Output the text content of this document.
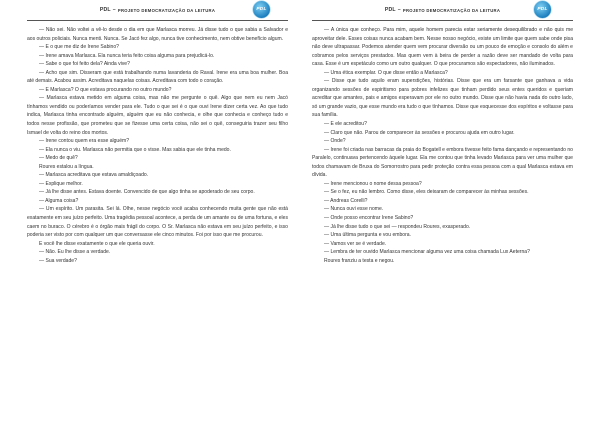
PDL – PROJETO DEMOCRATIZAÇÃO DA LEITURA	PDL

— Não sei. Não voltei a vê-lo desde o dia em que Marlasca morreu. Já disse tudo o que sabia a Salvador e aos outros policiais. Nunca menti. Nunca. Se Jacó fez algo, nunca tive conhecimento, nem obtive benefício algum.

— E o que me diz de Irene Sabino?

— Irene amava Marlasca. Ela nunca teria feito coisa alguma para prejudicá-lo.

— Sabe o que foi feito dela? Ainda vive?

— Acho que sim. Disseram que está trabalhando numa lavanderia do Raval. Irene era uma boa mulher. Boa até demais. Acabou assim. Acreditava naquelas coisas. Acreditava com todo o coração.

— E Marlasca? O que estava procurando no outro mundo?

— Marlasca estava metido em alguma coisa, mas não me pergunte o quê. Algo que nem eu nem Jacó tínhamos vendido ou poderíamos vender para ele. Tudo o que sei é o que ouvi Irene dizer certa vez. Ao que tudo indica, Marlasca tinha encontrado alguém, alguém que eu não conhecia, e olhe que conhecia e conheço tudo e todos nesse profissão, que prometeu que se fizesse uma certa coisa, não sei o quê, conseguiria trazer seu filho Ismael de volta do reino dos mortos.

— Irene contou quem era esse alguém?

— Ela nunca o viu. Marlasca não permitia que o visse. Mas sabia que ele tinha medo.

— Medo de quê?

Roures estalou a língua.

— Marlasca acreditava que estava amaldiçoado.

— Explique melhor.

— Já lhe disse antes. Estava doente. Convencido de que algo tinha se apoderado de seu corpo.

— Alguma coisa?

— Um espírito. Um parasita. Sei lá. Olhe, nesse negócio você acaba conhecendo muita gente que não está exatamente em seu juízo perfeito. Uma tragédia pessoal acontece, a perda de um amante ou de uma fortuna, e eles caem no buraco. O cérebro é o órgão mais frágil do corpo. O Sr. Marlasca não estava em seu juízo perfeito, e isso poderia ser visto por com qualquer um que conversasse ele cinco minutos. Foi por isso que me procurou.

E você lhe disse exatamente o que ele queria ouvir.

— Não. Eu lhe disse a verdade.

— Sua verdade?

PDL – PROJETO DEMOCRATIZAÇÃO DA LEITURA	PDL

— A única que conheço. Para mim, aquele homem parecia estar seriamente desequilibrado e não quis me aproveitar dele. Esses coisas nunca acabam bem. Nesse nosso negócio, existe um limite que quem sabe onde pisa não deve ultrapassar. Podemos atender quem vem procurar diversão ou um pouco de emoção e consolo do além e cobramos pelos serviços prestados. Mas quem vem à beira de perder a razão deve ser mandado de volta para casa. Esse é um espetáculo como um outro qualquer. O que procuramos são espectadores, não iluminados.

— Uma ética exemplar. O que disse então a Marlasca?

— Disse que tudo aquilo eram superstições, histórias. Disse que era um farsante que ganhava a vida organizando sessões de espiritismo para pobres infelizes que tinham perdido seus entes queridos e queriam acreditar que amantes, pais e amigos esperavam por ele no outro mundo. Disse que não havia nada do outro lado, só um grande vazio, que esse mundo era tudo o que tínhamos. Disse que esquecesse dos espíritos e voltasse para sua família.

— E ele acreditou?

— Claro que não. Parou de comparecer às sessões e procurou ajuda em outro lugar.

— Onde?

— Irene foi criada nas barracas da praia do Bogatell e embora tivesse feito fama dançando e representando no Paralelo, continuava pertencendo àquele lugar. Ela me contou que tinha levado Marlasca para ver uma mulher que todos chamavam de Bruxa do Somorrostro para pedir proteção contra essa pessoa com a qual Marlasca estava em dívida.

— Irene mencionou o nome dessa pessoa?

— Se o fez, eu não lembro. Como disse, eles deixaram de comparecer às minhas sessões.

— Andreas Corelli?

— Nunca ouvi esse nome.

— Onde posso encontrar Irene Sabino?

— Já lhe disse tudo o que sei — respondeu Roures, exasperado.

— Uma última pergunta e vou embora.

— Vamos ver se é verdade.

— Lembra de ter ouvido Marlasca mencionar alguma vez uma coisa chamada Lux Aeterna?

Roures franziu a testa e negou.
